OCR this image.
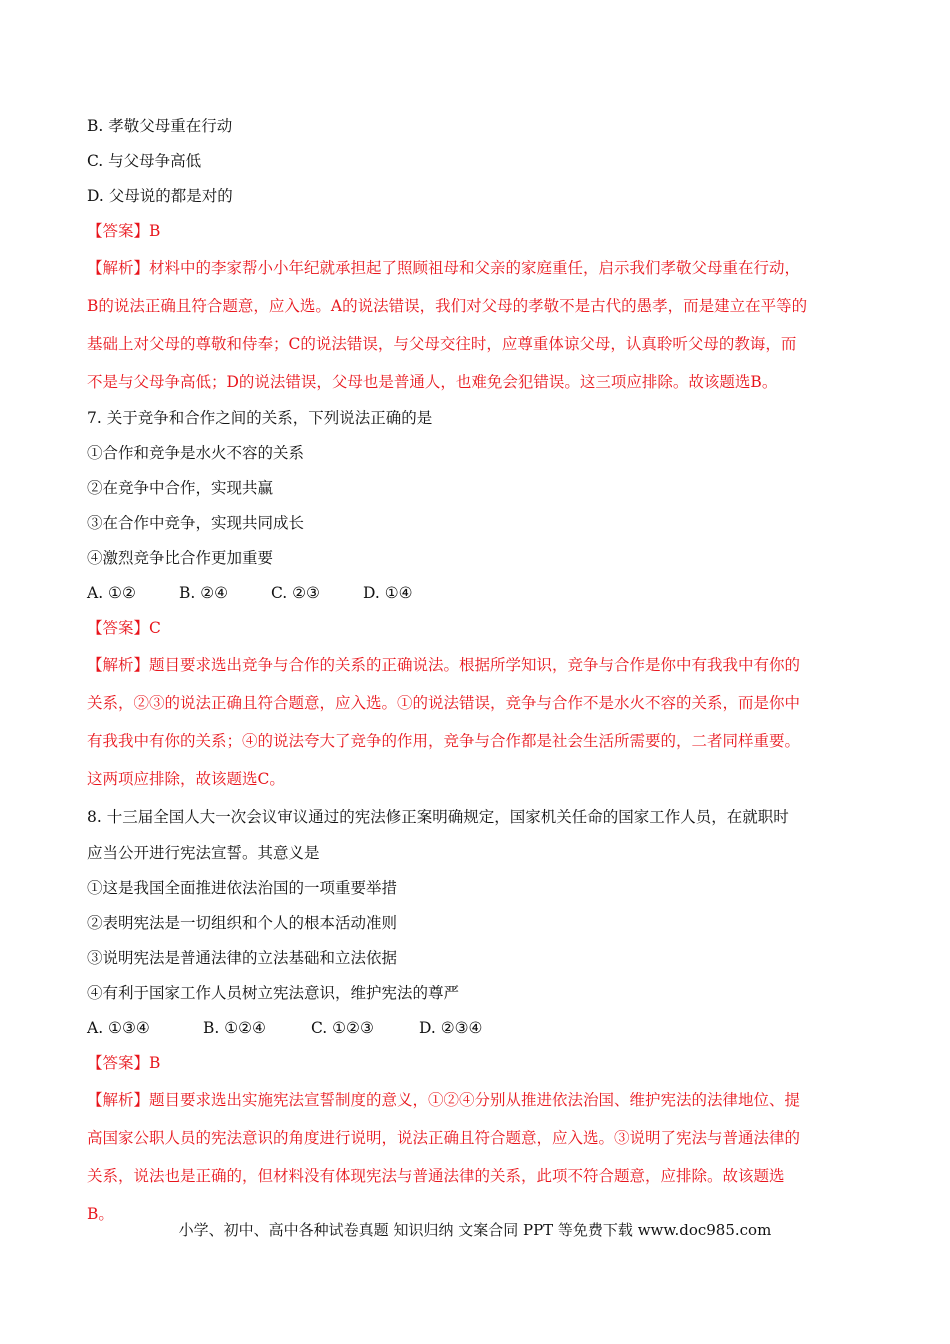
B. 孝敬父母重在行动
C. 与父母争高低
D. 父母说的都是对的
【答案】B
【解析】材料中的李家帮小小年纪就承担起了照顾祖母和父亲的家庭重任，启示我们孝敬父母重在行动，
B的说法正确且符合题意，应入选。A的说法错误，我们对父母的孝敬不是古代的愚孝，而是建立在平等的
基础上对父母的尊敬和侍奉；C的说法错误，与父母交往时，应尊重体谅父母，认真聆听父母的教诲，而
不是与父母争高低；D的说法错误，父母也是普通人，也难免会犯错误。这三项应排除。故该题选B。
7. 关于竞争和合作之间的关系，下列说法正确的是
①合作和竞争是水火不容的关系
②在竞争中合作，实现共赢
③在合作中竞争，实现共同成长
④激烈竞争比合作更加重要
A. ①②	B. ②④	C. ②③	D. ①④
【答案】C
【解析】题目要求选出竞争与合作的关系的正确说法。根据所学知识，竞争与合作是你中有我我中有你的
关系，②③的说法正确且符合题意，应入选。①的说法错误，竞争与合作不是水火不容的关系，而是你中
有我我中有你的关系；④的说法夸大了竞争的作用，竞争与合作都是社会生活所需要的，二者同样重要。
这两项应排除，故该题选C。
8. 十三届全国人大一次会议审议通过的宪法修正案明确规定，国家机关任命的国家工作人员，在就职时
应当公开进行宪法宣誓。其意义是
①这是我国全面推进依法治国的一项重要举措
②表明宪法是一切组织和个人的根本活动准则
③说明宪法是普通法律的立法基础和立法依据
④有利于国家工作人员树立宪法意识，维护宪法的尊严
A. ①③④	B. ①②④	C. ①②③	D. ②③④
【答案】B
【解析】题目要求选出实施宪法宣誓制度的意义，①②④分别从推进依法治国、维护宪法的法律地位、提
高国家公职人员的宪法意识的角度进行说明，说法正确且符合题意，应入选。③说明了宪法与普通法律的
关系，说法也是正确的，但材料没有体现宪法与普通法律的关系，此项不符合题意，应排除。故该题选
B。
小学、初中、高中各种试卷真题 知识归纳 文案合同 PPT 等免费下载 www.doc985.com
